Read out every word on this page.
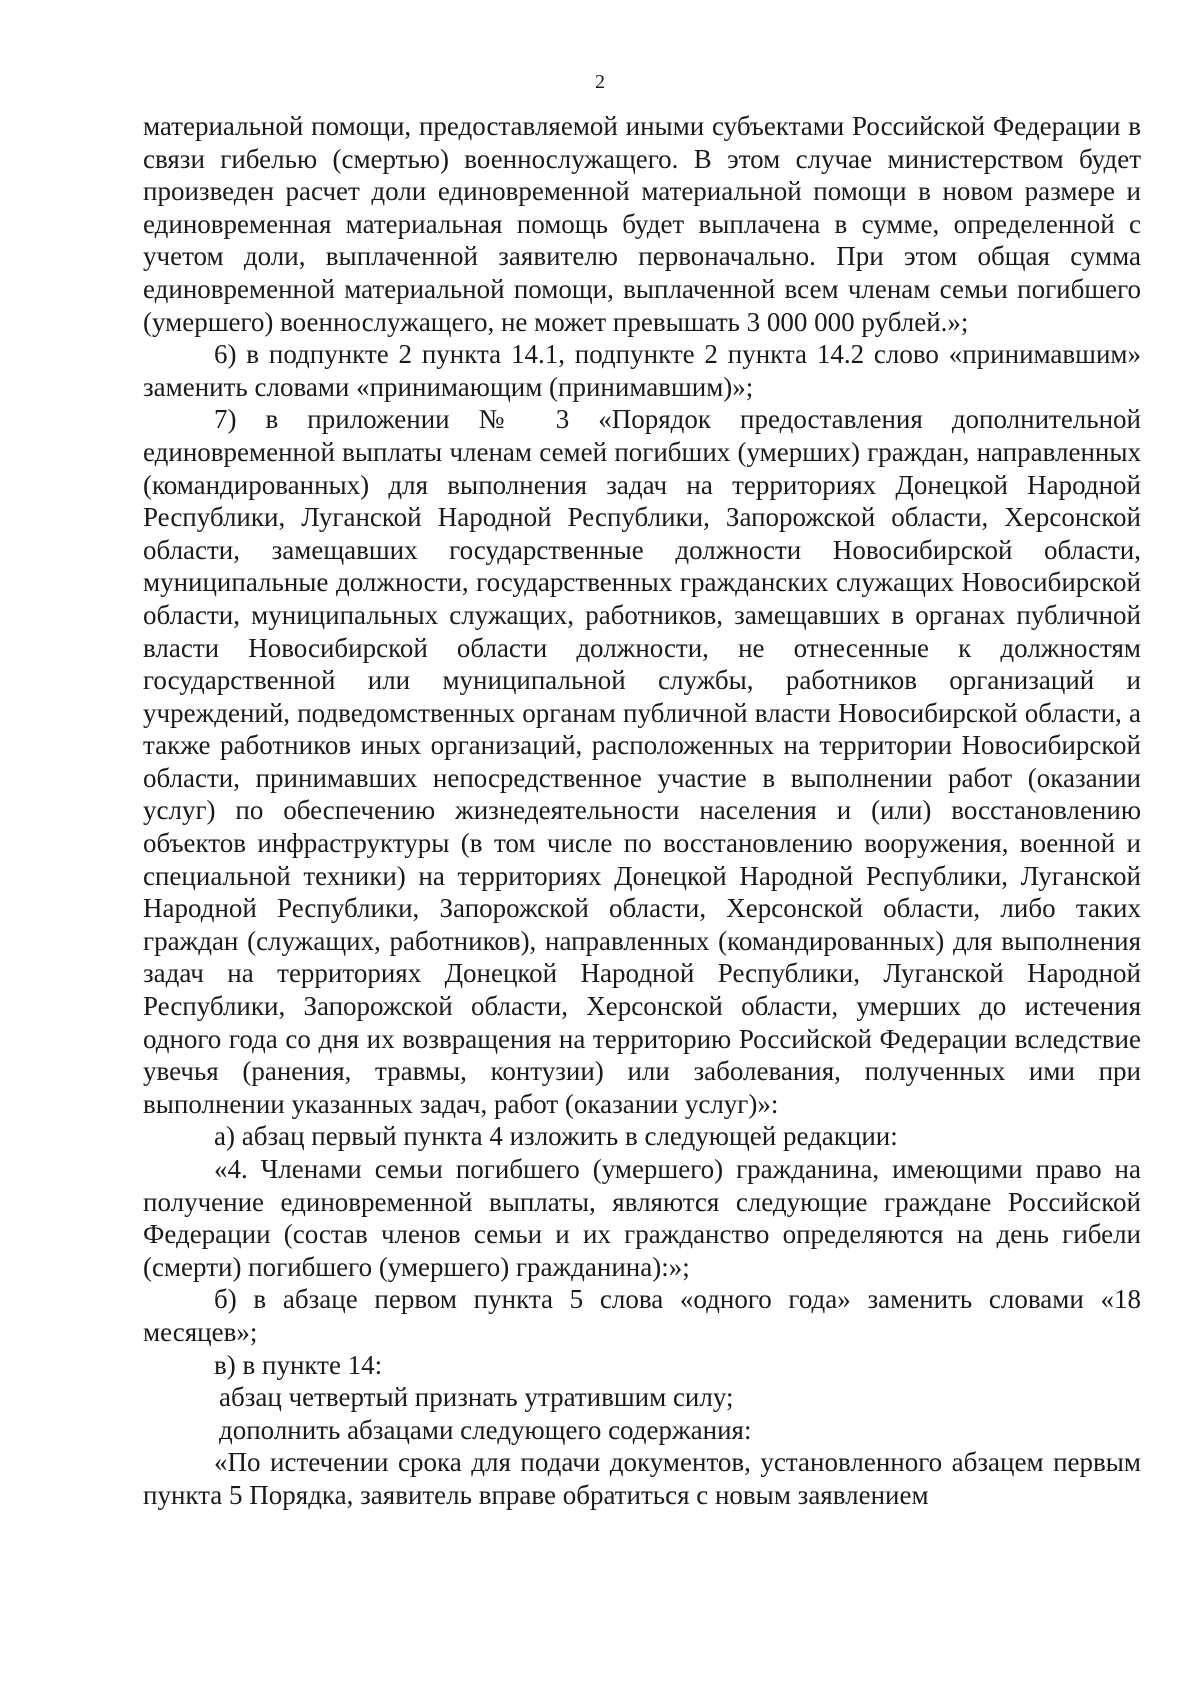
2

материальной помощи, предоставляемой иными субъектами Российской Федерации в связи гибелью (смертью) военнослужащего. В этом случае министерством будет произведен расчет доли единовременной материальной помощи в новом размере и единовременная материальная помощь будет выплачена в сумме, определенной с учетом доли, выплаченной заявителю первоначально. При этом общая сумма единовременной материальной помощи, выплаченной всем членам семьи погибшего (умершего) военнослужащего, не может превышать 3 000 000 рублей.»;

6) в подпункте 2 пункта 14.1, подпункте 2 пункта 14.2 слово «принимавшим» заменить словами «принимающим (принимавшим)»;

7) в приложении № 3 «Порядок предоставления дополнительной единовременной выплаты членам семей погибших (умерших) граждан, направленных (командированных) для выполнения задач на территориях Донецкой Народной Республики, Луганской Народной Республики, Запорожской области, Херсонской области, замещавших государственные должности Новосибирской области, муниципальные должности, государственных гражданских служащих Новосибирской области, муниципальных служащих, работников, замещавших в органах публичной власти Новосибирской области должности, не отнесенные к должностям государственной или муниципальной службы, работников организаций и учреждений, подведомственных органам публичной власти Новосибирской области, а также работников иных организаций, расположенных на территории Новосибирской области, принимавших непосредственное участие в выполнении работ (оказании услуг) по обеспечению жизнедеятельности населения и (или) восстановлению объектов инфраструктуры (в том числе по восстановлению вооружения, военной и специальной техники) на территориях Донецкой Народной Республики, Луганской Народной Республики, Запорожской области, Херсонской области, либо таких граждан (служащих, работников), направленных (командированных) для выполнения задач на территориях Донецкой Народной Республики, Луганской Народной Республики, Запорожской области, Херсонской области, умерших до истечения одного года со дня их возвращения на территорию Российской Федерации вследствие увечья (ранения, травмы, контузии) или заболевания, полученных ими при выполнении указанных задач, работ (оказании услуг)»:

а) абзац первый пункта 4 изложить в следующей редакции:

«4. Членами семьи погибшего (умершего) гражданина, имеющими право на получение единовременной выплаты, являются следующие граждане Российской Федерации (состав членов семьи и их гражданство определяются на день гибели (смерти) погибшего (умершего) гражданина):»;

б) в абзаце первом пункта 5 слова «одного года» заменить словами «18 месяцев»;

в) в пункте 14:

абзац четвертый признать утратившим силу;

дополнить абзацами следующего содержания:

«По истечении срока для подачи документов, установленного абзацем первым пункта 5 Порядка, заявитель вправе обратиться с новым заявлением
